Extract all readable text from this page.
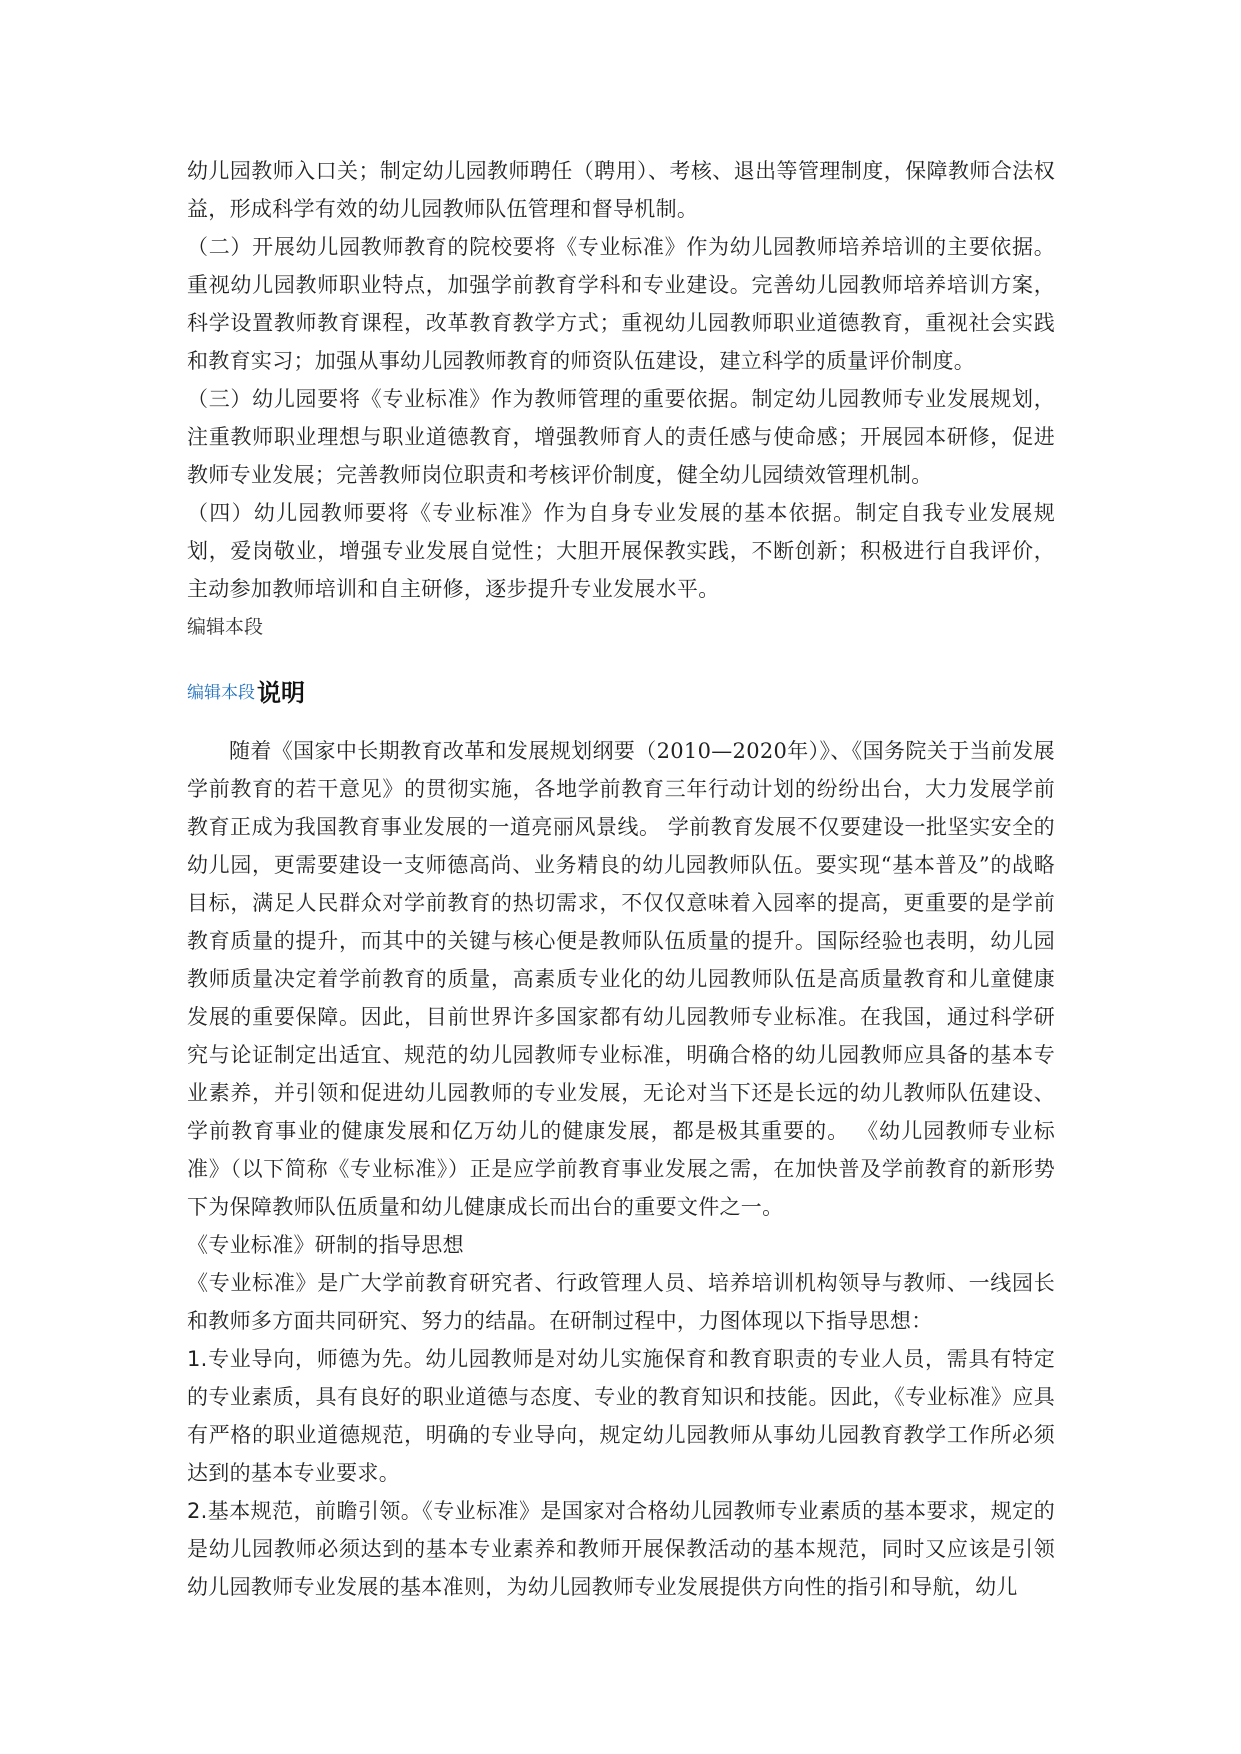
幼儿园教师入口关；制定幼儿园教师聘任（聘用）、考核、退出等管理制度，保障教师合法权益，形成科学有效的幼儿园教师队伍管理和督导机制。

（二）开展幼儿园教师教育的院校要将《专业标准》作为幼儿园教师培养培训的主要依据。重视幼儿园教师职业特点，加强学前教育学科和专业建设。完善幼儿园教师培养培训方案，科学设置教师教育课程，改革教育教学方式；重视幼儿园教师职业道德教育，重视社会实践和教育实习；加强从事幼儿园教师教育的师资队伍建设，建立科学的质量评价制度。

（三）幼儿园要将《专业标准》作为教师管理的重要依据。制定幼儿园教师专业发展规划，注重教师职业理想与职业道德教育，增强教师育人的责任感与使命感；开展园本研修，促进教师专业发展；完善教师岗位职责和考核评价制度，健全幼儿园绩效管理机制。

（四）幼儿园教师要将《专业标准》作为自身专业发展的基本依据。制定自我专业发展规划，爱岗敬业，增强专业发展自觉性；大胆开展保教实践，不断创新；积极进行自我评价，主动参加教师培训和自主研修，逐步提升专业发展水平。

编辑本段

编辑本段 说明

随着《国家中长期教育改革和发展规划纲要（2010—2020年）》、《国务院关于当前发展学前教育的若干意见》的贯彻实施，各地学前教育三年行动计划的纷纷出台，大力发展学前教育正成为我国教育事业发展的一道亮丽风景线。 学前教育发展不仅要建设一批坚实安全的幼儿园，更需要建设一支师德高尚、业务精良的幼儿园教师队伍。要实现“基本普及”的战略目标，满足人民群众对学前教育的热切需求，不仅仅意味着入园率的提高，更重要的是学前教育质量的提升，而其中的关键与核心便是教师队伍质量的提升。国际经验也表明，幼儿园教师质量决定着学前教育的质量，高素质专业化的幼儿园教师队伍是高质量教育和儿童健康发展的重要保障。因此，目前世界许多国家都有幼儿园教师专业标准。在我国，通过科学研究与论证制定出适宜、规范的幼儿园教师专业标准，明确合格的幼儿园教师应具备的基本专业素养，并引领和促进幼儿园教师的专业发展，无论对当下还是长远的幼儿教师队伍建设、学前教育事业的健康发展和亿万幼儿的健康发展，都是极其重要的。 《幼儿园教师专业标准》（以下简称《专业标准》）正是应学前教育事业发展之需，在加快普及学前教育的新形势下为保障教师队伍质量和幼儿健康成长而出台的重要文件之一。

《专业标准》研制的指导思想

《专业标准》是广大学前教育研究者、行政管理人员、培养培训机构领导与教师、一线园长和教师多方面共同研究、努力的结晶。在研制过程中，力图体现以下指导思想：

1.专业导向，师德为先。幼儿园教师是对幼儿实施保育和教育职责的专业人员，需具有特定的专业素质，具有良好的职业道德与态度、专业的教育知识和技能。因此，《专业标准》应具有严格的职业道德规范，明确的专业导向，规定幼儿园教师从事幼儿园教育教学工作所必须达到的基本专业要求。

2.基本规范，前瞻引领。《专业标准》是国家对合格幼儿园教师专业素质的基本要求，规定的是幼儿园教师必须达到的基本专业素养和教师开展保教活动的基本规范，同时又应该是引领幼儿园教师专业发展的基本准则，为幼儿园教师专业发展提供方向性的指引和导航，幼儿
